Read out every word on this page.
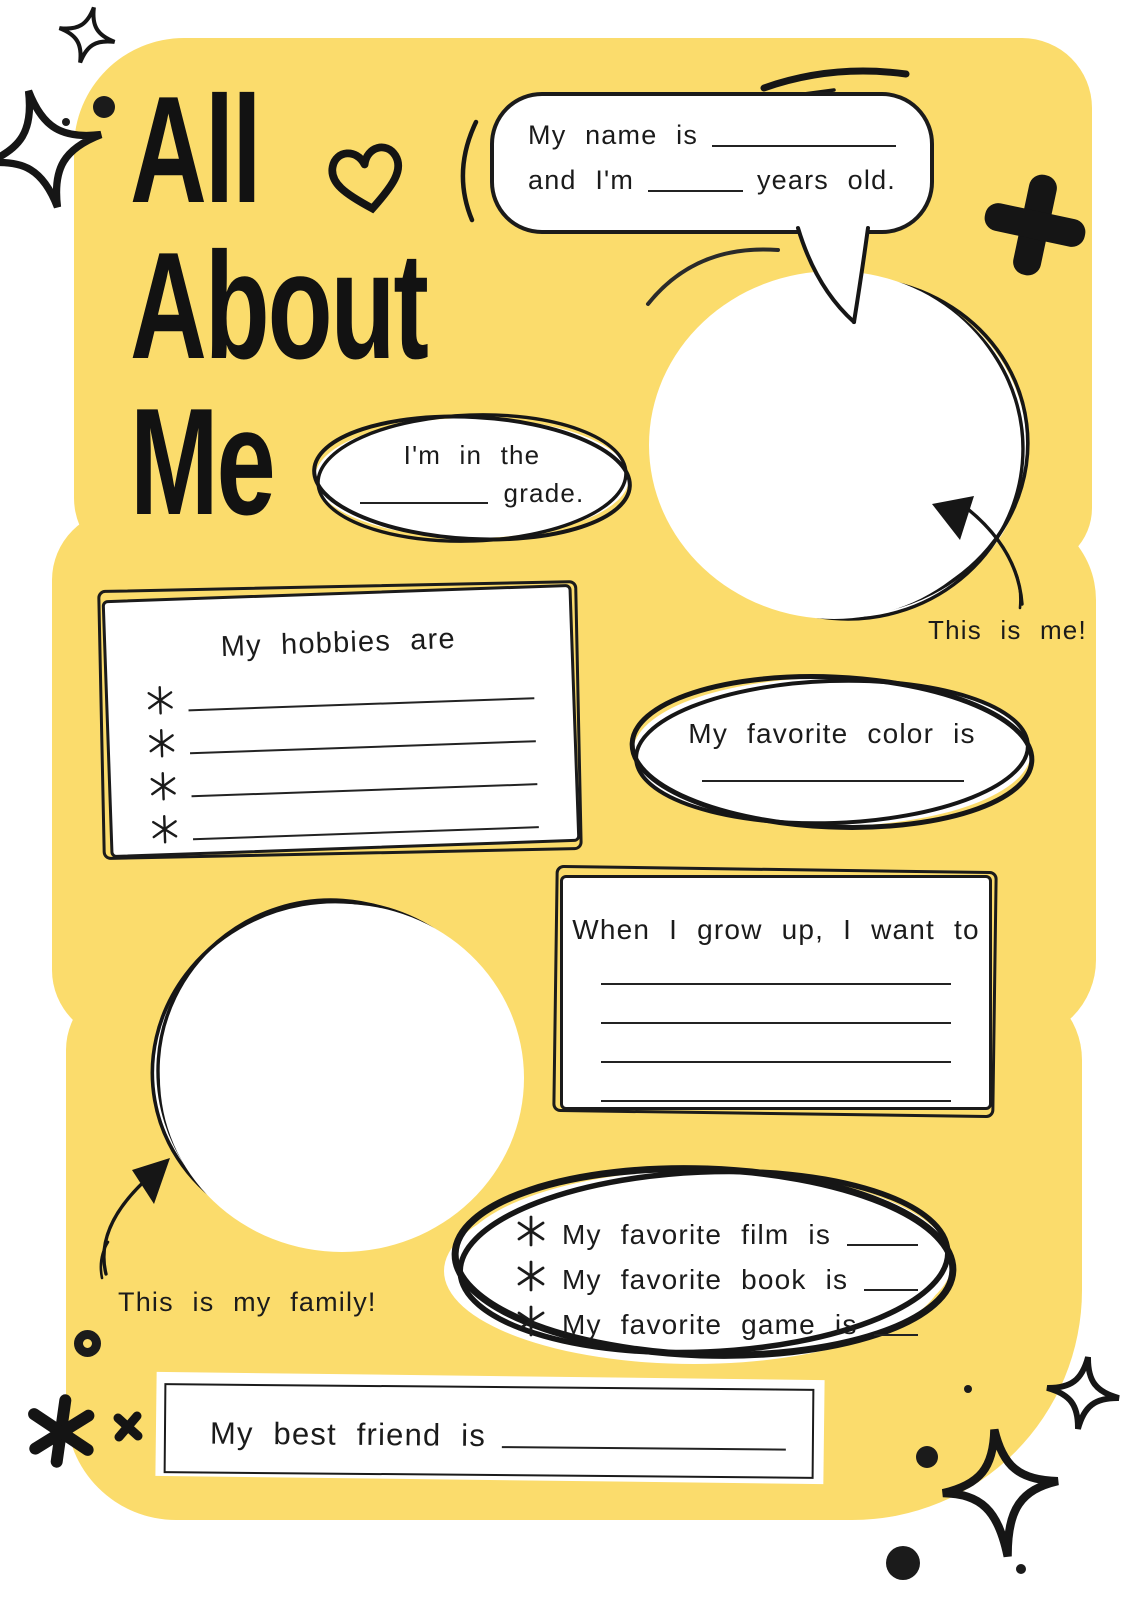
All
About
Me	I'm in the
grade.
My name is
and I'm	years old.
This is me!
My hobbies are
My favorite color is
When I grow up, I want to
This is my family!
My favorite film is
My favorite book is
My favorite game is
My best friend is
